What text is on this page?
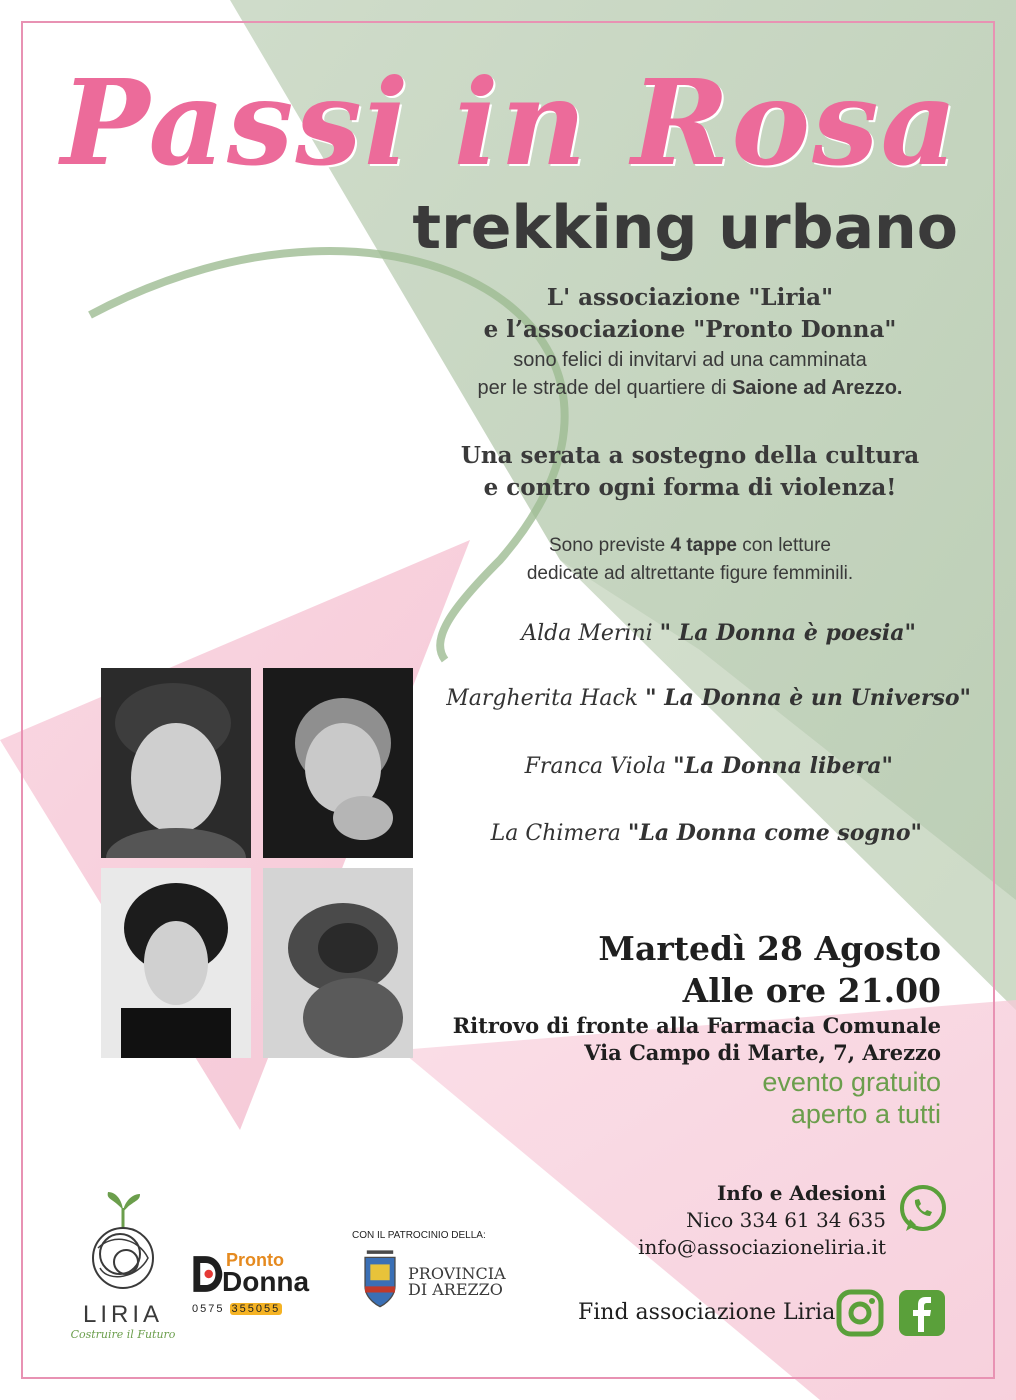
Passi in Rosa
trekking urbano
L' associazione "Liria"
e l’associazione "Pronto Donna"
sono felici di invitarvi ad una camminata
per le strade del quartiere di Saione ad Arezzo.
Una serata a sostegno della cultura
e contro ogni forma di violenza!
Sono previste 4 tappe con letture
dedicate ad altrettante figure femminili.
Alda Merini " La Donna è poesia"
Margherita Hack " La Donna è un Universo"
Franca Viola "La Donna libera"
La Chimera "La Donna come sogno"
Martedì 28 Agosto
Alle ore 21.00
Ritrovo di fronte alla Farmacia Comunale
Via Campo di Marte, 7, Arezzo
evento gratuito
aperto a tutti
Info e Adesioni
Nico 334 61 34 635
info@associazioneliria.it
Find associazione Liria
LIRIA
Costruire il Futuro
Pronto
Donna
0575 355055
CON IL PATROCINIO DELLA:
PROVINCIA
DI AREZZO
